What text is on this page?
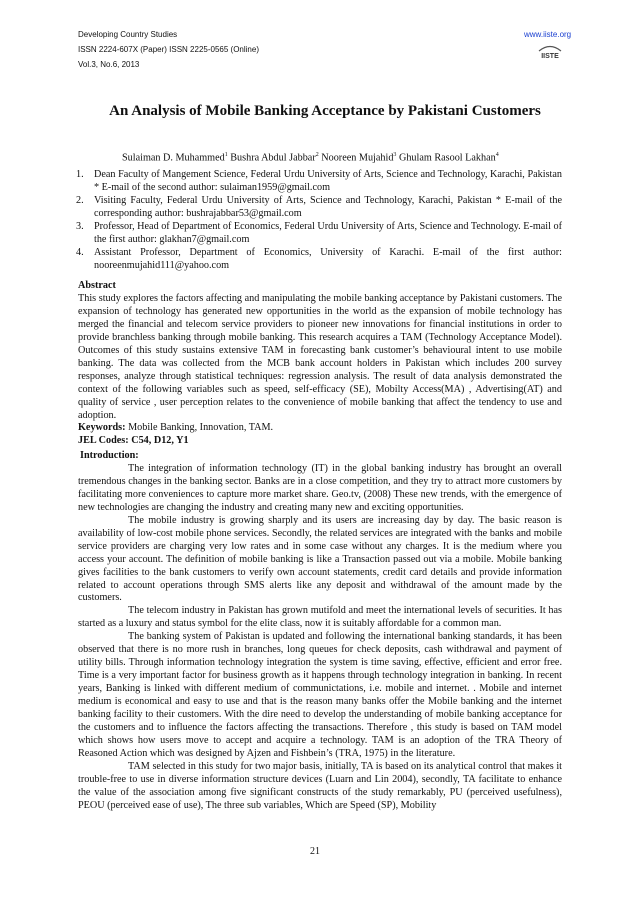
Developing Country Studies
ISSN 2224-607X (Paper) ISSN 2225-0565 (Online)
Vol.3, No.6, 2013
www.iiste.org
IISTE
An Analysis of Mobile Banking Acceptance by Pakistani Customers
Sulaiman D. Muhammed$^1$ Bushra Abdul Jabbar$^2$ Nooreen Mujahid$^3$ Ghulam Rasool Lakhan$^4$
1. Dean Faculty of Mangement Science, Federal Urdu University of Arts, Science and Technology, Karachi, Pakistan * E-mail of the second author: sulaiman1959@gmail.com
2. Visiting Faculty, Federal Urdu University of Arts, Science and Technology, Karachi, Pakistan * E-mail of the corresponding author: bushrajabbar53@gmail.com
3. Professor, Head of Department of Economics, Federal Urdu University of Arts, Science and Technology. E-mail of the first author: glakhan7@gmail.com
4. Assistant Professor, Department of Economics, University of Karachi. E-mail of the first author: nooreenmujahid111@yahoo.com
Abstract
This study explores the factors affecting and manipulating the mobile banking acceptance by Pakistani customers. The expansion of technology has generated new opportunities in the world as the expansion of mobile technology has merged the financial and telecom service providers to pioneer new innovations for financial institutions in order to provide branchless banking through mobile banking. This research acquires a TAM (Technology Acceptance Model). Outcomes of this study sustains extensive TAM in forecasting bank customer’s behavioural intent to use mobile banking. The data was collected from the MCB bank account holders in Pakistan which includes 200 survey responses, analyze through statistical techniques: regression analysis. The result of data analysis demonstrated the context of the following variables such as speed, self-efficacy (SE), Mobilty Access(MA) , Advertising(AT) and quality of service , user perception relates to the convenience of mobile banking that affect the tendency to use and adoption.
Keywords: Mobile Banking, Innovation, TAM.
JEL Codes: C54, D12, Y1
Introduction:
The integration of information technology (IT) in the global banking industry has brought an overall tremendous changes in the banking sector. Banks are in a close competition, and they try to attract more customers by facilitating more conveniences to capture more market share. Geo.tv, (2008) These new trends, with the emergence of new technologies are changing the industry and creating many new and exciting opportunities.
The mobile industry is growing sharply and its users are increasing day by day. The basic reason is availability of low-cost mobile phone services. Secondly, the related services are integrated with the banks and mobile service providers are charging very low rates and in some case without any charges. It is the medium where you access your account. The definition of mobile banking is like a Transaction passed out via a mobile. Mobile banking gives facilities to the bank customers to verify own account statements, credit card details and provide information related to account operations through SMS alerts like any deposit and withdrawal of the amount made by the customers.
The telecom industry in Pakistan has grown mutifold and meet the international levels of securities. It has started as a luxury and status symbol for the elite class, now it is suitably affordable for a common man.
The banking system of Pakistan is updated and following the international banking standards, it has been observed that there is no more rush in branches, long queues for check deposits, cash withdrawal and payment of utility bills. Through information technology integration the system is time saving, effective, efficient and error free. Time is a very important factor for business growth as it happens through technology integration in banking. In recent years, Banking is linked with different medium of communictations, i.e. mobile and internet. . Mobile and internet medium is economical and easy to use and that is the reason many banks offer the Mobile banking and the internet banking facility to their customers. With the dire need to develop the understanding of mobile banking acceptance for the customers and to influence the factors affecting the transactions. Therefore , this study is based on TAM model which shows how users move to accept and acquire a technology. TAM is an adoption of the TRA Theory of Reasoned Action which was designed by Ajzen and Fishbein’s (TRA, 1975) in the literature.
TAM selected in this study for two major basis, initially, TA is based on its analytical control that makes it trouble-free to use in diverse information structure devices (Luarn and Lin 2004), secondly, TA facilitate to enhance the value of the association among five significant constructs of the study remarkably, PU (perceived usefulness), PEOU (perceived ease of use), The three sub variables, Which are Speed (SP), Mobility
21
